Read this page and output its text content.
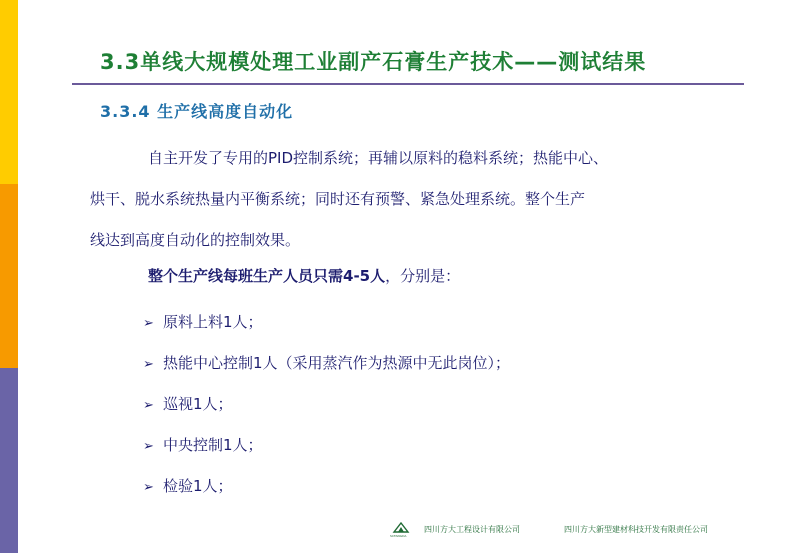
3.3单线大规模处理工业副产石膏生产技术——测试结果
3.3.4 生产线高度自动化
自主开发了专用的PID控制系统；再辅以原料的稳料系统；热能中心、
烘干、脱水系统热量内平衡系统；同时还有预警、紧急处理系统。整个生产
线达到高度自动化的控制效果。
整个生产线每班生产人员只需4-5人，分别是：
➢ 原料上料1人；
➢ 热能中心控制1人（采用蒸汽作为热源中无此岗位）；
➢ 巡视1人；
➢ 中央控制1人；
➢ 检验1人；
SCFANGDA
四川方大工程设计有限公司	四川方大新型建材科技开发有限责任公司
